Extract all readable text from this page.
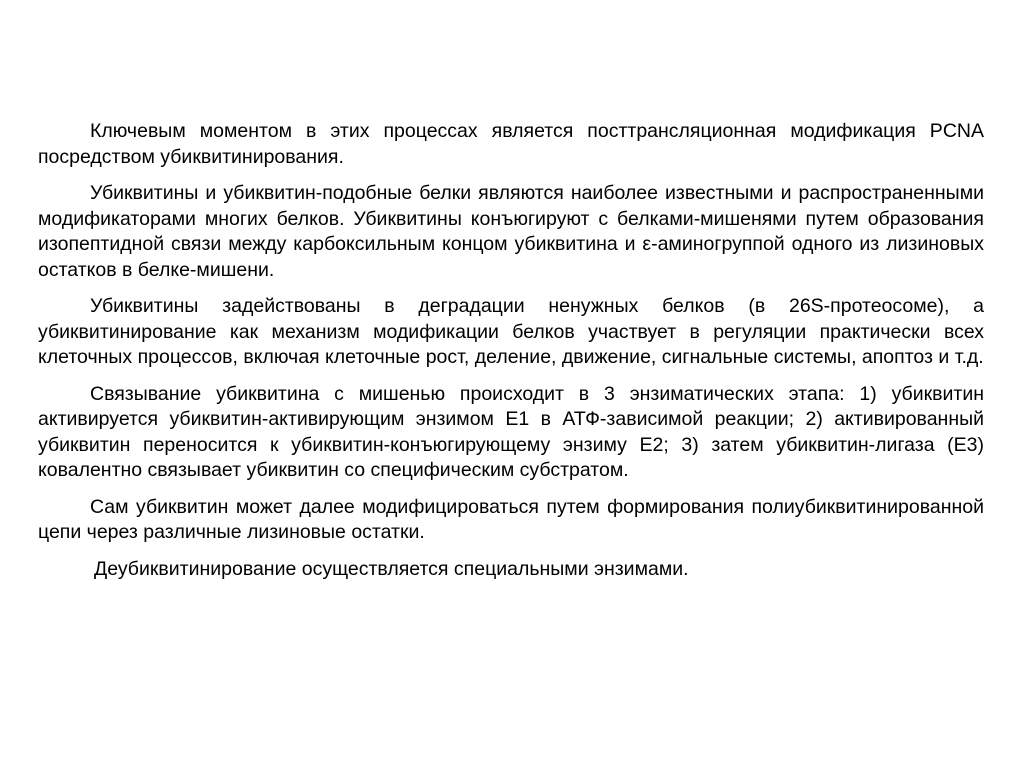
Ключевым моментом в этих процессах является посттрансляционная модификация PCNA посредством убиквитинирования.

Убиквитины и убиквитин-подобные белки являются наиболее известными и распространенными модификаторами многих белков. Убиквитины конъюгируют с белками-мишенями путем образования изопептидной связи между карбоксильным концом убиквитина и ε-аминогруппой одного из лизиновых остатков в белке-мишени.

Убиквитины задействованы в деградации ненужных белков (в 26S-протеосоме), а убиквитинирование как механизм модификации белков участвует в регуляции практически всех клеточных процессов, включая клеточные рост, деление, движение, сигнальные системы, апоптоз и т.д.

Связывание убиквитина с мишенью происходит в 3 энзиматических этапа: 1) убиквитин активируется убиквитин-активирующим энзимом Е1 в АТФ-зависимой реакции; 2) активированный убиквитин переносится к убиквитин-конъюгирующему энзиму Е2; 3) затем убиквитин-лигаза (Е3) ковалентно связывает убиквитин со специфическим субстратом.

Сам убиквитин может далее модифицироваться путем формирования полиубиквитинированной цепи через различные лизиновые остатки.

Деубиквитинирование осуществляется специальными энзимами.
